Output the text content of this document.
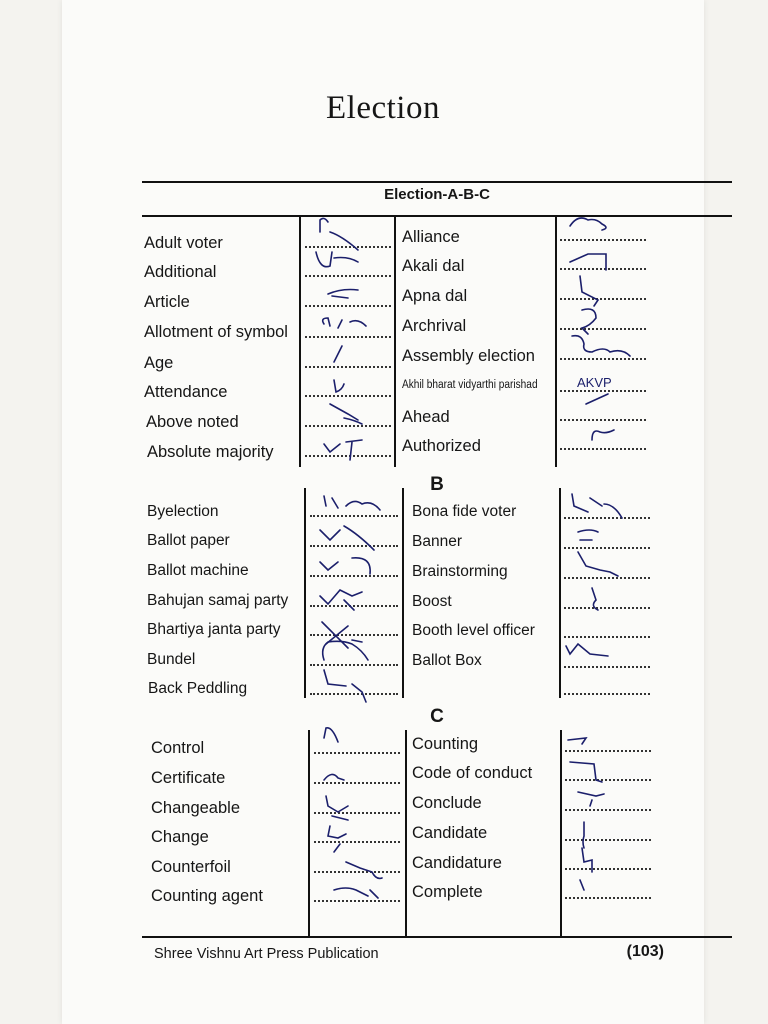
Election
Election-A-B-C
B
C
Adult voter
Additional
Article
Allotment of symbol
Age
Attendance
Above noted
Absolute majority
Alliance
Akali dal
Apna dal
Archrival
Assembly election
Akhil bharat vidyarthi parishad
Ahead
Authorized
Byelection
Ballot paper
Ballot machine
Bahujan samaj party
Bhartiya janta party
Bundel
Back Peddling
Bona fide voter
Banner
Brainstorming
Boost
Booth level officer
Ballot Box
Control
Certificate
Changeable
Change
Counterfoil
Counting agent
Counting
Code of conduct
Conclude
Candidate
Candidature
Complete
AKVP
Shree Vishnu Art Press Publication	(103)
